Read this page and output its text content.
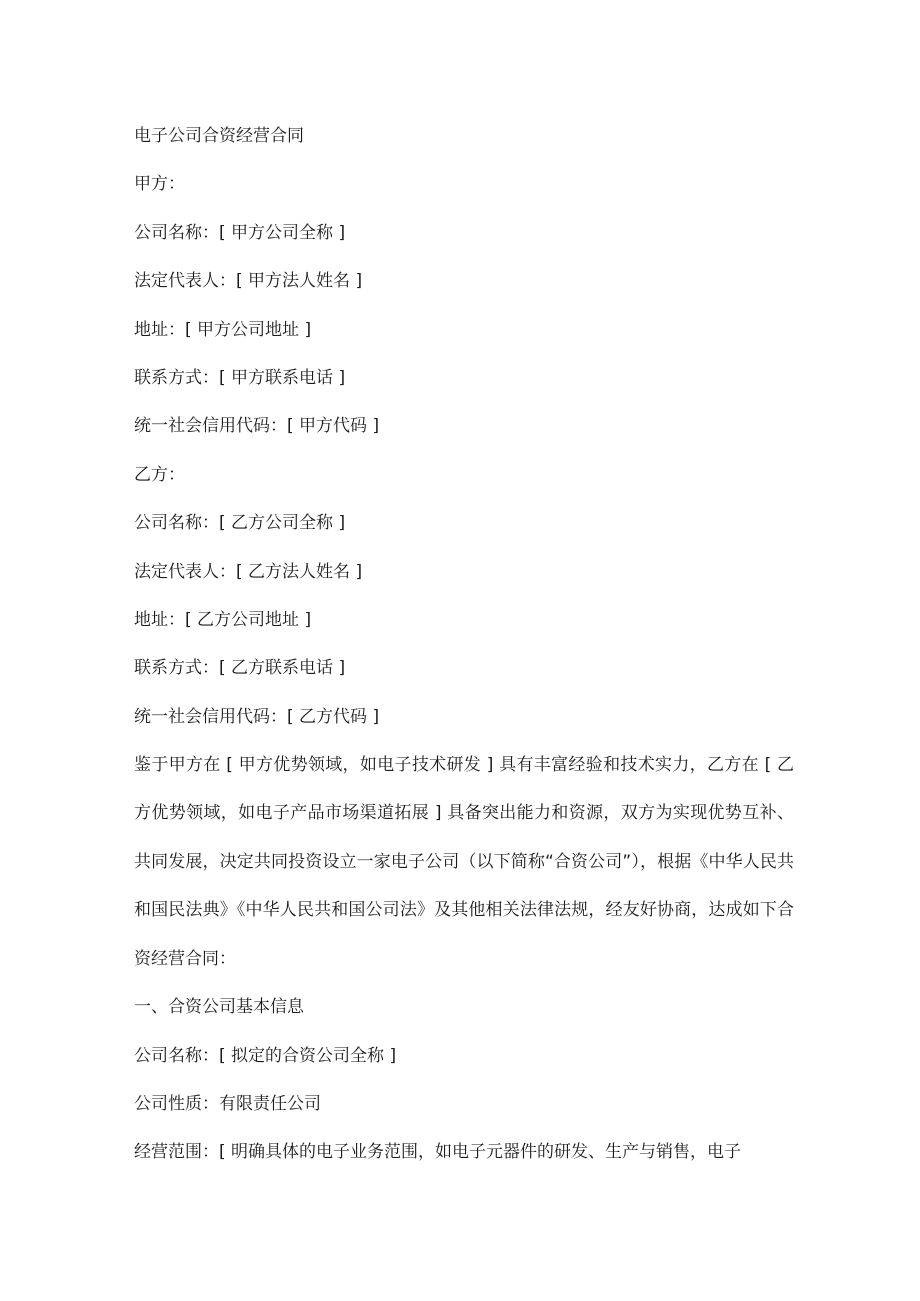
电子公司合资经营合同

甲方：

公司名称：[ 甲方公司全称 ]

法定代表人：[ 甲方法人姓名 ]

地址：[ 甲方公司地址 ]

联系方式：[ 甲方联系电话 ]

统一社会信用代码：[ 甲方代码 ]

乙方：

公司名称：[ 乙方公司全称 ]

法定代表人：[ 乙方法人姓名 ]

地址：[ 乙方公司地址 ]

联系方式：[ 乙方联系电话 ]

统一社会信用代码：[ 乙方代码 ]

鉴于甲方在 [ 甲方优势领域，如电子技术研发 ] 具有丰富经验和技术实力，乙方在 [ 乙方优势领域，如电子产品市场渠道拓展 ] 具备突出能力和资源，双方为实现优势互补、共同发展，决定共同投资设立一家电子公司（以下简称“合资公司”），根据《中华人民共和国民法典》《中华人民共和国公司法》及其他相关法律法规，经友好协商，达成如下合资经营合同：

一、合资公司基本信息

公司名称：[ 拟定的合资公司全称 ]

公司性质：有限责任公司

经营范围：[ 明确具体的电子业务范围，如电子元器件的研发、生产与销售，电子
